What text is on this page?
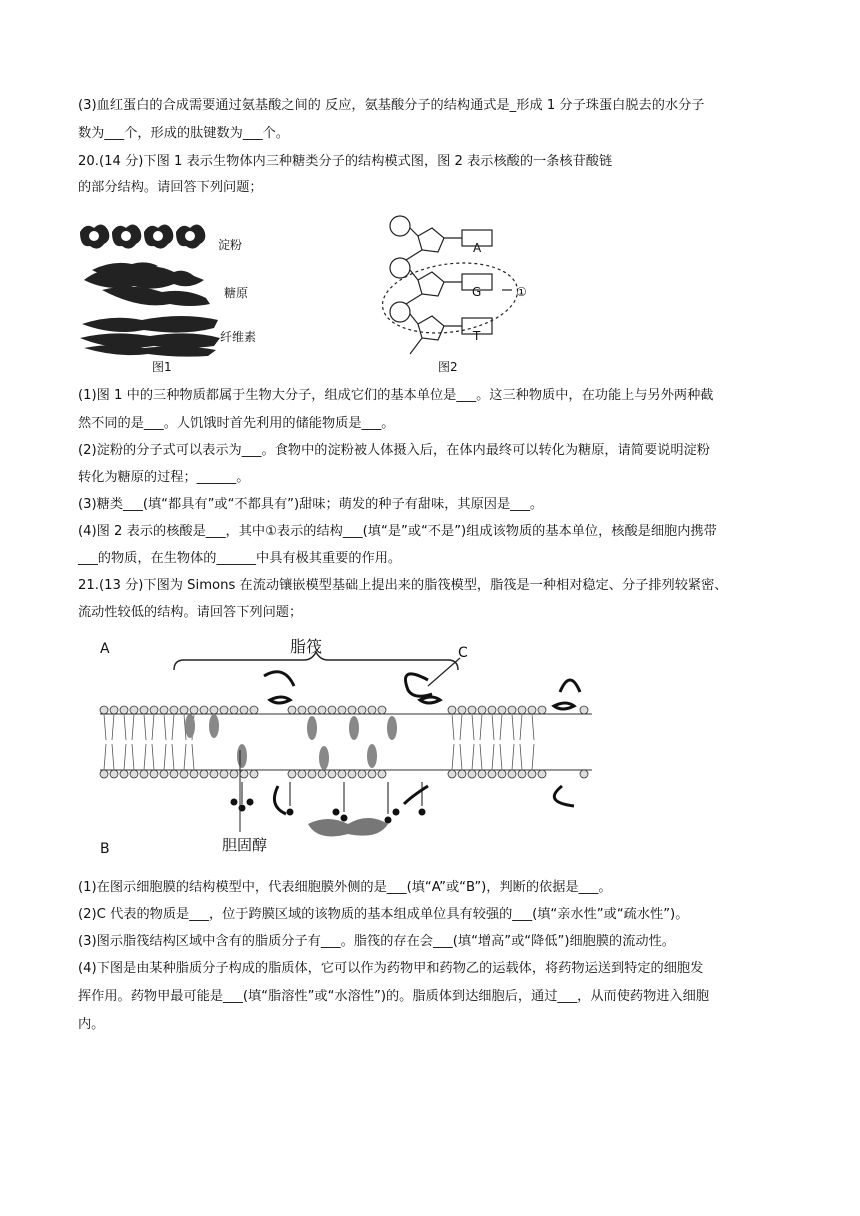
(3)血红蛋白的合成需要通过氨基酸之间的 反应，氨基酸分子的结构通式是_形成 1 分子珠蛋白脱去的水分子
数为___个，形成的肽键数为___个。
20.(14 分)下图 1 表示生物体内三种糖类分子的结构模式图，图 2 表示核酸的一条核苷酸链
的部分结构。请回答下列问题；
淀粉
糖原
纤维素
图1
A
G
T
①
图2
(1)图 1 中的三种物质都属于生物大分子，组成它们的基本单位是___。这三种物质中，在功能上与另外两种截
然不同的是___。人饥饿时首先利用的储能物质是___。
(2)淀粉的分子式可以表示为___。食物中的淀粉被人体摄入后，在体内最终可以转化为糖原，请简要说明淀粉
转化为糖原的过程；______。
(3)糖类___(填“都具有”或“不都具有”)甜味；萌发的种子有甜味，其原因是___。
(4)图 2 表示的核酸是___，其中①表示的结构___(填“是”或“不是”)组成该物质的基本单位，核酸是细胞内携带
___的物质，在生物体的______中具有极其重要的作用。
21.(13 分)下图为 Simons 在流动镶嵌模型基础上提出来的脂筏模型，脂筏是一种相对稳定、分子排列较紧密、
流动性较低的结构。请回答下列问题；
A
B
脂筏	C
胆固醇
(1)在图示细胞膜的结构模型中，代表细胞膜外侧的是___(填“A”或“B”)，判断的依据是___。
(2)C 代表的物质是___，位于跨膜区域的该物质的基本组成单位具有较强的___(填“亲水性”或“疏水性”)。
(3)图示脂筏结构区域中含有的脂质分子有___。脂筏的存在会___(填“增高”或“降低”)细胞膜的流动性。
(4)下图是由某种脂质分子构成的脂质体，它可以作为药物甲和药物乙的运载体，将药物运送到特定的细胞发
挥作用。药物甲最可能是___(填“脂溶性”或“水溶性”)的。脂质体到达细胞后，通过___，从而使药物进入细胞
内。
